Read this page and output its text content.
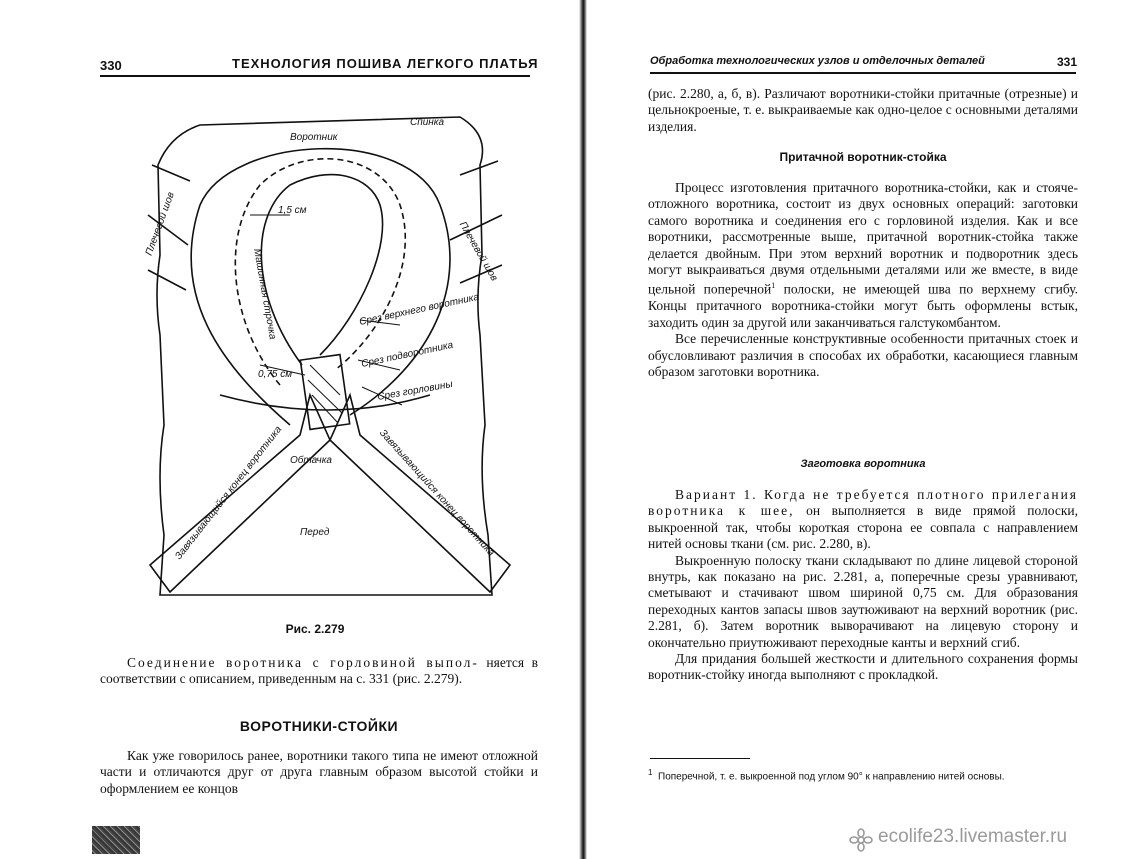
330	ТЕХНОЛОГИЯ ПОШИВА ЛЕГКОГО ПЛАТЬЯ
Воротник
Спинка
Плечевой шов	Плечевой шов
1,5 см
Машинная строчка	Срез верхнего воротника
Срез подворотника
0,75 см
Срез горловины
Обтачка
Завязывающийся конец воротника	Завязывающийся конец воротника
Перед
Рис. 2.279

Соединение воротника с горловиной выпол- няется в соответствии с описанием, приведенным на с. 331 (рис. 2.279).

ВОРОТНИКИ-СТОЙКИ

Как уже говорилось ранее, воротники такого типа не имеют отложной части и отличаются друг от друга главным образом высотой стойки и оформлением ее концов

Обработка технологических узлов и отделочных деталей	331

(рис. 2.280, а, б, в). Различают воротники-стойки притачные (отрезные) и цельнокроеные, т. е. выкраиваемые как одно-целое с основными деталями изделия.

Притачной воротник-стойка

Процесс изготовления притачного воротника-стойки, как и стояче-отложного воротника, состоит из двух основных операций: заготовки самого воротника и соединения его с горловиной изделия. Как и все воротники, рассмотренные выше, притачной воротник-стойка также делается двойным. При этом верхний воротник и подворотник здесь могут выкраиваться двумя отдельными деталями или же вместе, в виде цельной поперечной$^1$ полоски, не имеющей шва по верхнему сгибу. Концы притачного воротника-стойки могут быть оформлены встык, заходить один за другой или заканчиваться галстукомбантом.

Все перечисленные конструктивные особенности притачных стоек и обусловливают различия в способах их обработки, касающиеся главным образом заготовки воротника.

Заготовка воротника

Вариант 1. Когда не требуется плотного прилегания воротника к шее, он выполняется в виде прямой полоски, выкроенной так, чтобы короткая сторона ее совпала с направлением нитей основы ткани (см. рис. 2.280, в).

Выкроенную полоску ткани складывают по длине лицевой стороной внутрь, как показано на рис. 2.281, а, поперечные срезы уравнивают, сметывают и стачивают швом шириной 0,75 см. Для образования переходных кантов запасы швов заутюживают на верхний воротник (рис. 2.281, б). Затем воротник выворачивают на лицевую сторону и окончательно приутюживают переходные канты и верхний сгиб.

Для придания большей жесткости и длительного сохранения формы воротник-стойку иногда выполняют с прокладкой.

$^1$ Поперечной, т. е. выкроенной под углом 90° к направлению нитей основы.

ecolife23.livemaster.ru
